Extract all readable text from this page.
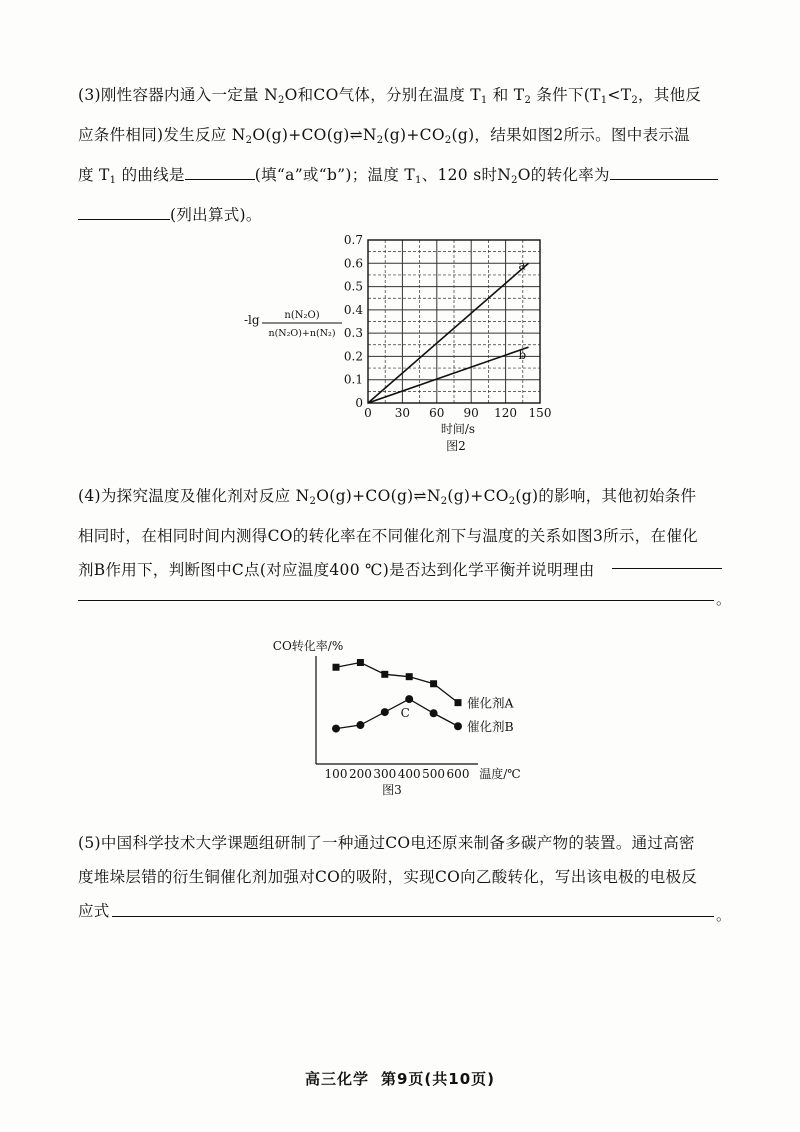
(3)刚性容器内通入一定量 $N_2O$和CO气体，分别在温度 $T_1$ 和 $T_2$ 条件下($T_1<T_2$，其他反
应条件相同)发生反应 $N_2O(g)+CO(g)\rightleftharpoons N_2(g)+CO_2(g)$，结果如图2所示。图中表示温
度 $T_1$ 的曲线是	(填“a”或“b”)；温度 $T_1$、120 s时$N_2O$的转化率为
(列出算式)。
0 30 60 90 120 150
0
0.1
0.2
0.3
0.4
0.5
0.6
0.7
a
b
-lg n(N₂O)
n(N₂O)+n(N₂)
时间/s
图2
(4)为探究温度及催化剂对反应 $N_2O(g)+CO(g)\rightleftharpoons N_2(g)+CO_2(g)$的影响，其他初始条件
相同时，在相同时间内测得CO的转化率在不同催化剂下与温度的关系如图3所示，在催化
剂B作用下，判断图中C点(对应温度400 ℃)是否达到化学平衡并说明理由
。
C
100 200 300 400 500 600
催化剂A
催化剂B
CO转化率/%
温度/℃
图3
(5)中国科学技术大学课题组研制了一种通过CO电还原来制备多碳产物的装置。通过高密
度堆垛层错的衍生铜催化剂加强对CO的吸附，实现CO向乙酸转化，写出该电极的电极反
应式	。
高三化学 第9页(共10页)
